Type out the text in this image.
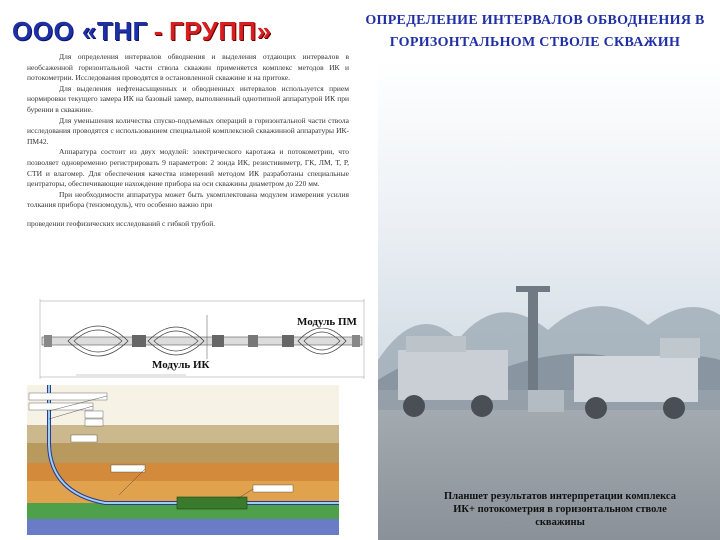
ООО «ТНГ - ГРУПП»	ОПРЕДЕЛЕНИЕ ИНТЕРВАЛОВ ОБВОДНЕНИЯ В
ГОРИЗОНТАЛЬНОМ СТВОЛЕ СКВАЖИН

Для определения интервалов обводнения и выделения отдающих интервалов в необсаженной горизонтальной части ствола скважин применяется комплекс методов ИК и потокометрии. Исследования проводятся в остановленной скважине и на притоке.

Для выделения нефтенасыщенных и обводненных интервалов используется прием нормировки текущего замера ИК на базовый замер, выполненный однотипной аппаратурой ИК при бурении в скважине.

Для уменьшения количества спуско-подъемных операций в горизонтальной части ствола исследования проводятся с использованием специальной комплексной скважинной аппаратуры ИК-ПМ42.

Аппаратура состоит из двух модулей: электрического каротажа и потокометрии, что позволяет одновременно регистрировать 9 параметров: 2 зонда ИК, резистивиметр, ГК, ЛМ, Т, Р, СТИ и влагомер. Для обеспечения качества измерений методом ИК разработаны специальные центраторы, обеспечивающие нахождение прибора на оси скважины диаметром до 220 мм.

При необходимости аппаратура может быть укомплектована модулем измерения усилия толкания прибора (тензомодуль), что особенно важно при

проведении геофизических исследований с гибкой трубой.

Модуль ПМ
Модуль ИК
Планшет результатов интерпретации комплекса
ИК+ потокометрия в горизонтальном стволе
скважины
